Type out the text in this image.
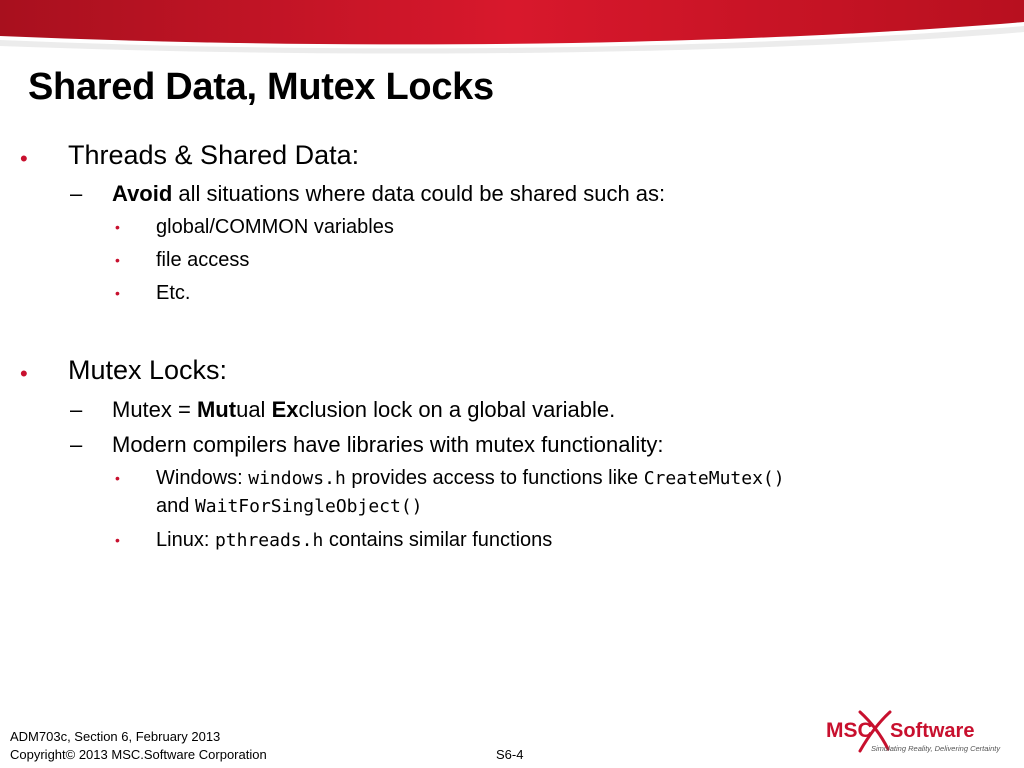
Shared Data, Mutex Locks
• Threads & Shared Data:
– Avoid all situations where data could be shared such as:
• global/COMMON variables
• file access
• Etc.
• Mutex Locks:
– Mutex = Mutual Exclusion lock on a global variable.
– Modern compilers have libraries with mutex functionality:
• Windows: windows.h provides access to functions like CreateMutex()
and WaitForSingleObject()
• Linux: pthreads.h contains similar functions
ADM703c, Section 6, February 2013
Copyright© 2013 MSC.Software Corporation	S6-4
MSC Software
Simulating Reality, Delivering Certainty
